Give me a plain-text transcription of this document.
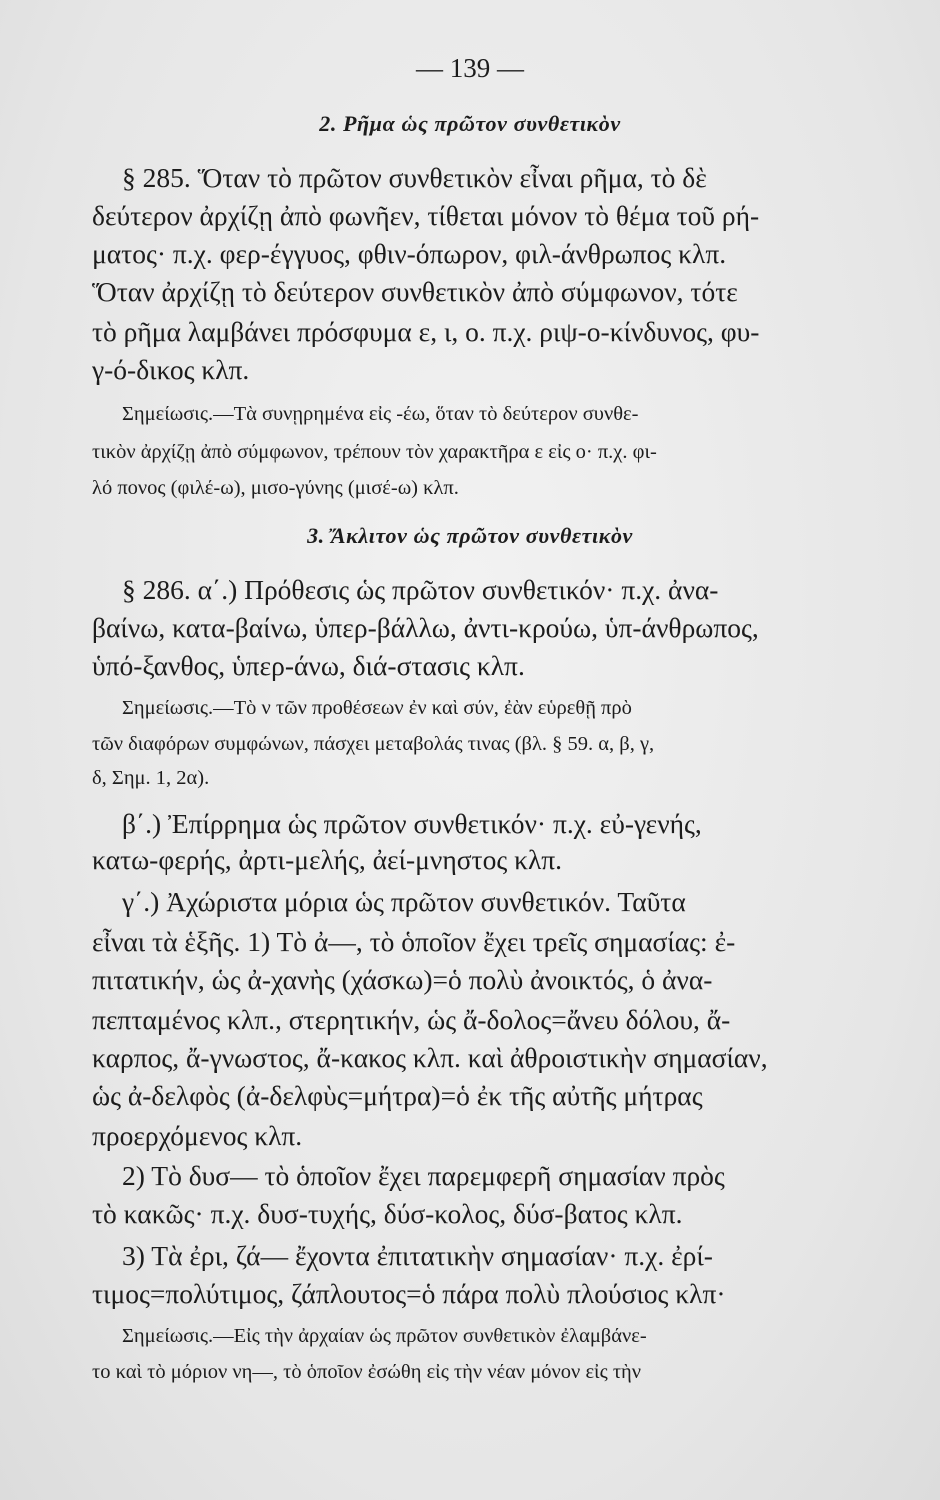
— 139 —
2. Ρῆμα ὡς πρῶτον συνθετικὸν
§ 285. Ὅταν τὸ πρῶτον συνθετικὸν εἶναι ρῆμα, τὸ δὲ
δεύτερον ἀρχίζῃ ἀπὸ φωνῆεν, τίθεται μόνον τὸ θέμα τοῦ ρή-
ματος· π.χ. φερ-έγγυος, φθιν-όπωρον, φιλ-άνθρωπος κλπ.
Ὅταν ἀρχίζῃ τὸ δεύτερον συνθετικὸν ἀπὸ σύμφωνον, τότε
τὸ ρῆμα λαμβάνει πρόσφυμα ε, ι, ο. π.χ. ριψ-ο-κίνδυνος, φυ-
γ-ό-δικος κλπ.
Σημείωσις.—Τὰ συνῃρημένα εἰς -έω, ὅταν τὸ δεύτερον συνθε-
τικὸν ἀρχίζῃ ἀπὸ σύμφωνον, τρέπουν τὸν χαρακτῆρα ε εἰς ο· π.χ. φι-
λό πονος (φιλέ-ω), μισο-γύνης (μισέ-ω) κλπ.
3. Ἄκλιτον ὡς πρῶτον συνθετικὸν
§ 286. α΄.) Πρόθεσις ὡς πρῶτον συνθετικόν· π.χ. ἀνα-
βαίνω, κατα-βαίνω, ὑπερ-βάλλω, ἀντι-κρούω, ὑπ-άνθρωπος,
ὑπό-ξανθος, ὑπερ-άνω, διά-στασις κλπ.
Σημείωσις.—Τὸ ν τῶν προθέσεων ἐν καὶ σύν, ἐὰν εὑρεθῇ πρὸ
τῶν διαφόρων συμφώνων, πάσχει μεταβολάς τινας (βλ. § 59. α, β, γ,
δ, Σημ. 1, 2α).
β΄.) Ἐπίρρημα ὡς πρῶτον συνθετικόν· π.χ. εὐ-γενής,
κατω-φερής, ἀρτι-μελής, ἀεί-μνηστος κλπ.
γ΄.) Ἀχώριστα μόρια ὡς πρῶτον συνθετικόν. Ταῦτα
εἶναι τὰ ἑξῆς. 1) Τὸ ἀ—, τὸ ὁποῖον ἔχει τρεῖς σημασίας: ἐ-
πιτατικήν, ὡς ἀ-χανὴς (χάσκω)=ὁ πολὺ ἀνοικτός, ὁ ἀνα-
πεπταμένος κλπ., στερητικήν, ὡς ἄ-δολος=ἄνευ δόλου, ἄ-
καρπος, ἄ-γνωστος, ἄ-κακος κλπ. καὶ ἀθροιστικὴν σημασίαν,
ὡς ἀ-δελφὸς (ἀ-δελφὺς=μήτρα)=ὁ ἐκ τῆς αὐτῆς μήτρας
προερχόμενος κλπ.
2) Τὸ δυσ— τὸ ὁποῖον ἔχει παρεμφερῆ σημασίαν πρὸς
τὸ κακῶς· π.χ. δυσ-τυχής, δύσ-κολος, δύσ-βατος κλπ.
3) Τὰ ἐρι, ζά— ἔχοντα ἐπιτατικὴν σημασίαν· π.χ. ἐρί-
τιμος=πολύτιμος, ζάπλουτος=ὁ πάρα πολὺ πλούσιος κλπ·
Σημείωσις.—Εἰς τὴν ἀρχαίαν ὡς πρῶτον συνθετικὸν ἐλαμβάνε-
το καὶ τὸ μόριον νη—, τὸ ὁποῖον ἐσώθη εἰς τὴν νέαν μόνον εἰς τὴν
